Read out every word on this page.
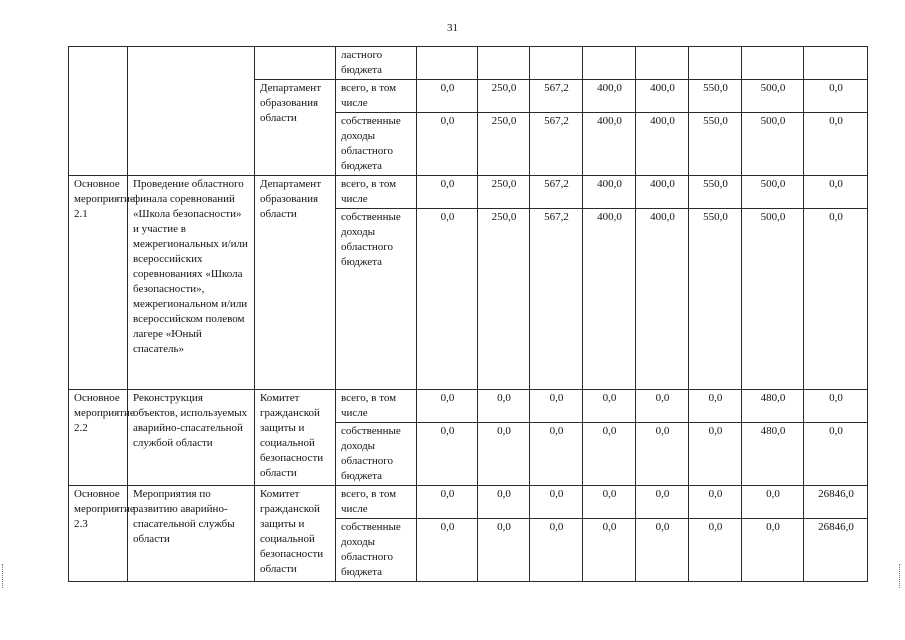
31
			ластного бюджета								
		Департамент образования области	всего, в том числе	0,0	250,0	567,2	400,0	400,0	550,0	500,0	0,0
			собственные доходы областного бюджета	0,0	250,0	567,2	400,0	400,0	550,0	500,0	0,0
Основное мероприятие 2.1	Проведение областного финала соревнований «Школа безопасности» и участие в межрегиональных и/или всероссийских соревнованиях «Школа безопасности», межрегиональном и/или всероссийском полевом лагере «Юный спасатель»	Департамент образования области	всего, в том числе	0,0	250,0	567,2	400,0	400,0	550,0	500,0	0,0
			собственные доходы областного бюджета	0,0	250,0	567,2	400,0	400,0	550,0	500,0	0,0
Основное мероприятие 2.2	Реконструкция объектов, используемых аварийно-спасательной службой области	Комитет гражданской защиты и социальной безопасности области	всего, в том числе	0,0	0,0	0,0	0,0	0,0	0,0	480,0	0,0
			собственные доходы областного бюджета	0,0	0,0	0,0	0,0	0,0	0,0	480,0	0,0
Основное мероприятие 2.3	Мероприятия по развитию аварийно-спасательной службы области	Комитет гражданской защиты и социальной безопасности области	всего, в том числе	0,0	0,0	0,0	0,0	0,0	0,0	0,0	26846,0
			собственные доходы областного бюджета	0,0	0,0	0,0	0,0	0,0	0,0	0,0	26846,0
